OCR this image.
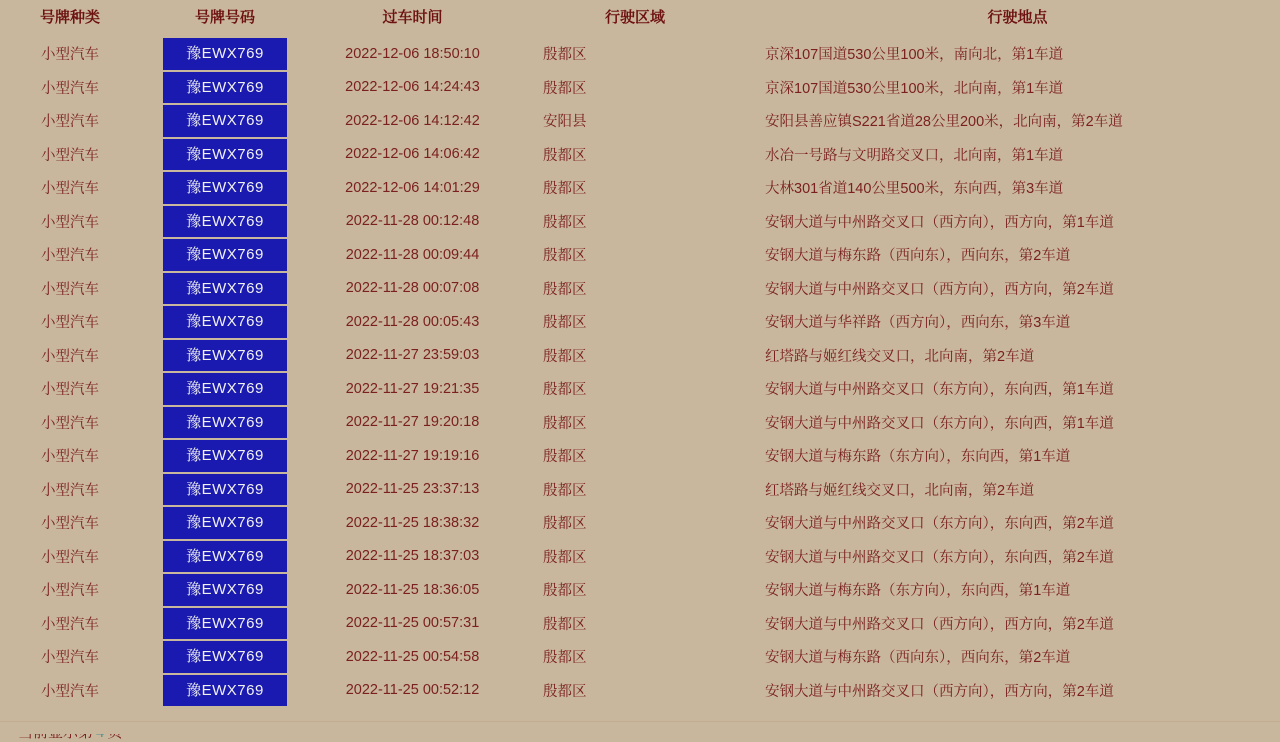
号牌种类	号牌号码	过车时间	行驶区域	行驶地点
小型汽车	豫EWX769	2022-12-06 18:50:10	殷都区	京深107国道530公里100米，南向北，第1车道
小型汽车	豫EWX769	2022-12-06 14:24:43	殷都区	京深107国道530公里100米，北向南，第1车道
小型汽车	豫EWX769	2022-12-06 14:12:42	安阳县	安阳县善应镇S221省道28公里200米，北向南，第2车道
小型汽车	豫EWX769	2022-12-06 14:06:42	殷都区	水冶一号路与文明路交叉口，北向南，第1车道
小型汽车	豫EWX769	2022-12-06 14:01:29	殷都区	大林301省道140公里500米，东向西，第3车道
小型汽车	豫EWX769	2022-11-28 00:12:48	殷都区	安钢大道与中州路交叉口（西方向），西方向，第1车道
小型汽车	豫EWX769	2022-11-28 00:09:44	殷都区	安钢大道与梅东路（西向东），西向东，第2车道
小型汽车	豫EWX769	2022-11-28 00:07:08	殷都区	安钢大道与中州路交叉口（西方向），西方向，第2车道
小型汽车	豫EWX769	2022-11-28 00:05:43	殷都区	安钢大道与华祥路（西方向），西向东，第3车道
小型汽车	豫EWX769	2022-11-27 23:59:03	殷都区	红塔路与姬红线交叉口，北向南，第2车道
小型汽车	豫EWX769	2022-11-27 19:21:35	殷都区	安钢大道与中州路交叉口（东方向），东向西，第1车道
小型汽车	豫EWX769	2022-11-27 19:20:18	殷都区	安钢大道与中州路交叉口（东方向），东向西，第1车道
小型汽车	豫EWX769	2022-11-27 19:19:16	殷都区	安钢大道与梅东路（东方向），东向西，第1车道
小型汽车	豫EWX769	2022-11-25 23:37:13	殷都区	红塔路与姬红线交叉口，北向南，第2车道
小型汽车	豫EWX769	2022-11-25 18:38:32	殷都区	安钢大道与中州路交叉口（东方向），东向西，第2车道
小型汽车	豫EWX769	2022-11-25 18:37:03	殷都区	安钢大道与中州路交叉口（东方向），东向西，第2车道
小型汽车	豫EWX769	2022-11-25 18:36:05	殷都区	安钢大道与梅东路（东方向），东向西，第1车道
小型汽车	豫EWX769	2022-11-25 00:57:31	殷都区	安钢大道与中州路交叉口（西方向），西方向，第2车道
小型汽车	豫EWX769	2022-11-25 00:54:58	殷都区	安钢大道与梅东路（西向东），西向东，第2车道
小型汽车	豫EWX769	2022-11-25 00:52:12	殷都区	安钢大道与中州路交叉口（西方向），西方向，第2车道
